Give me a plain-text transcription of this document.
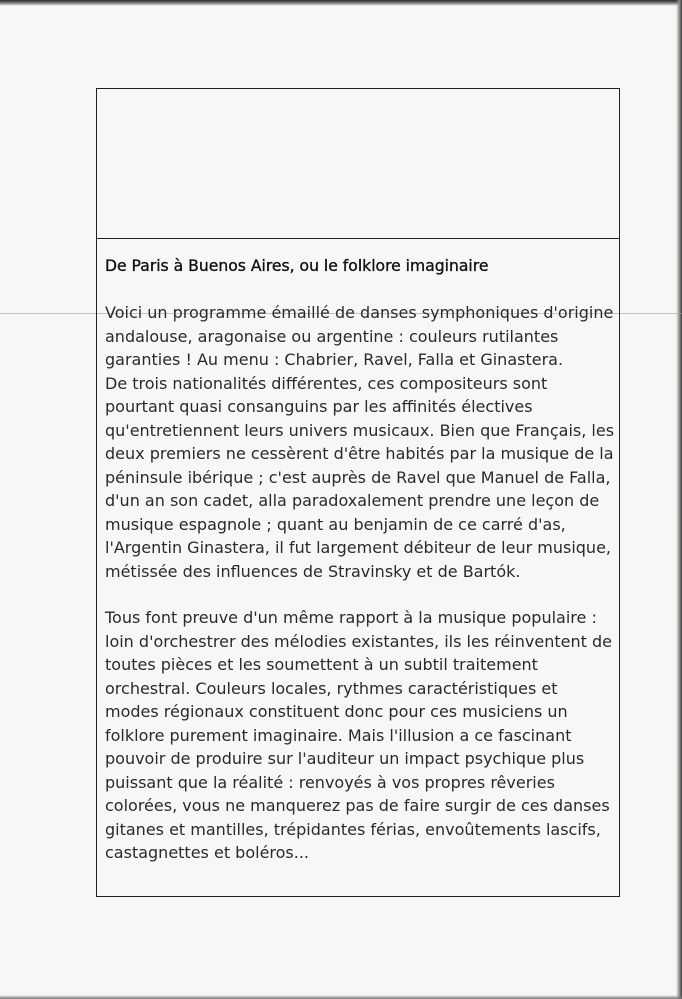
De Paris à Buenos Aires, ou le folklore imaginaire

Voici un programme émaillé de danses symphoniques d'origine
andalouse, aragonaise ou argentine : couleurs rutilantes
garanties ! Au menu : Chabrier, Ravel, Falla et Ginastera.
De trois nationalités différentes, ces compositeurs sont
pourtant quasi consanguins par les affinités électives
qu'entretiennent leurs univers musicaux. Bien que Français, les
deux premiers ne cessèrent d'être habités par la musique de la
péninsule ibérique ; c'est auprès de Ravel que Manuel de Falla,
d'un an son cadet, alla paradoxalement prendre une leçon de
musique espagnole ; quant au benjamin de ce carré d'as,
l'Argentin Ginastera, il fut largement débiteur de leur musique,
métissée des influences de Stravinsky et de Bartók.

Tous font preuve d'un même rapport à la musique populaire :
loin d'orchestrer des mélodies existantes, ils les réinventent de
toutes pièces et les soumettent à un subtil traitement
orchestral. Couleurs locales, rythmes caractéristiques et
modes régionaux constituent donc pour ces musiciens un
folklore purement imaginaire. Mais l'illusion a ce fascinant
pouvoir de produire sur l'auditeur un impact psychique plus
puissant que la réalité : renvoyés à vos propres rêveries
colorées, vous ne manquerez pas de faire surgir de ces danses
gitanes et mantilles, trépidantes férias, envoûtements lascifs,
castagnettes et boléros...
